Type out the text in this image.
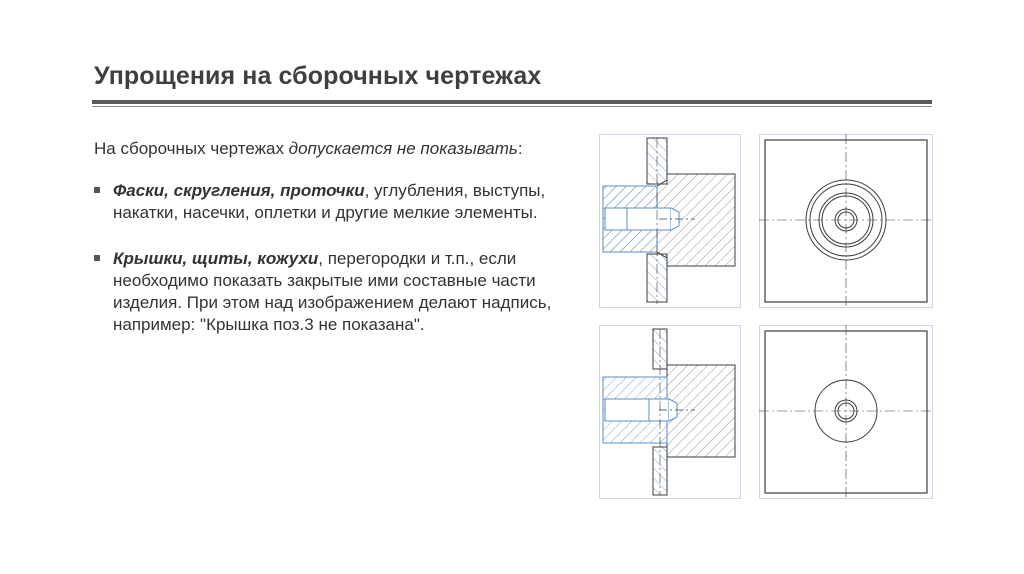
Упрощения на сборочных чертежах

На сборочных чертежах допускается не показывать:

Фаски, скругления, проточки, углубления, выступы, накатки, насечки, оплетки и другие мелкие элементы.
Крышки, щиты, кожухи, перегородки и т.п., если необходимо показать закрытые ими составные части изделия. При этом над изображением делают надпись, например: "Крышка поз.3 не показана".
